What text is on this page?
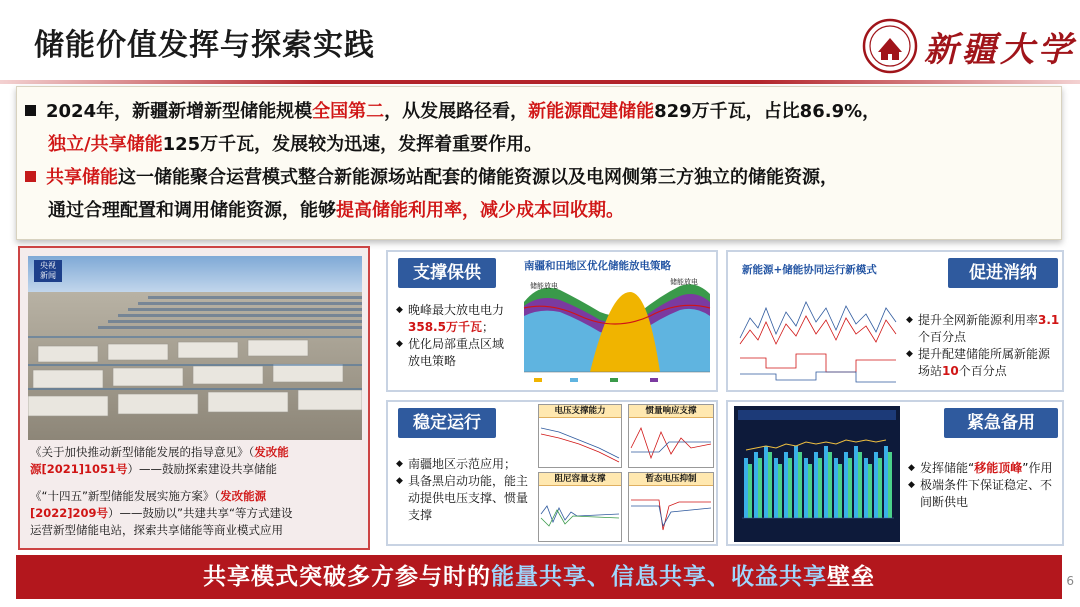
储能价值发挥与探索实践	新疆大学
2024年，新疆新增新型储能规模全国第二，从发展路径看，新能源配建储能829万千瓦，占比86.9%，
独立/共享储能125万千瓦，发展较为迅速，发挥着重要作用。
共享储能这一储能聚合运营模式整合新能源场站配套的储能资源以及电网侧第三方独立的储能资源，
通过合理配置和调用储能资源，能够提高储能利用率，减少成本回收期。
央视
新闻
《关于加快推动新型储能发展的指导意见》（发改能
源[2021]1051号）——鼓励探索建设共享储能
《“十四五”新型储能发展实施方案》（发改能源
[2022]209号）——鼓励以”共建共享“等方式建设
运营新型储能电站，探索共享储能等商业模式应用
支撑保供
◆ 晚峰最大放电电力358.5万千瓦；
◆ 优化局部重点区域放电策略
南疆和田地区优化储能放电策略
储能放电	储能放电
新能源+储能协同运行新模式	促进消纳
◆ 提升全网新能源利用率3.1个百分点
◆ 提升配建储能所属新能源场站10个百分点
稳定运行
◆ 南疆地区示范应用；
◆ 具备黑启动功能，能主动提供电压支撑、惯量支撑
电压支撑能力	惯量响应支撑
阻尼容量支撑	暂态电压抑制
紧急备用
◆ 发挥储能“移能顶峰”作用
◆ 极端条件下保证稳定、不间断供电
共享模式突破多方参与时的能量共享、信息共享、收益共享壁垒	6
